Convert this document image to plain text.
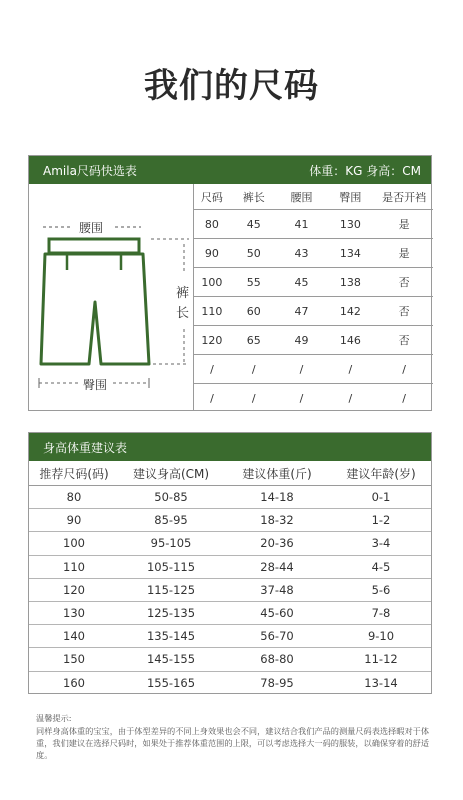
我们的尺码
Amila尺码快选表	体重：KG 身高：CM
腰围
裤
长
臀围
尺码	裤长	腰围	臀围	是否开裆
80	45	41	130	是
90	50	43	134	是
100	55	45	138	否
110	60	47	142	否
120	65	49	146	否
/	/	/	/	/
/	/	/	/	/
身高体重建议表
推荐尺码(码)	建议身高(CM)	建议体重(斤)	建议年龄(岁)
80	50-85	14-18	0-1
90	85-95	18-32	1-2
100	95-105	20-36	3-4
110	105-115	28-44	4-5
120	115-125	37-48	5-6
130	125-135	45-60	7-8
140	135-145	56-70	9-10
150	145-155	68-80	11-12
160	155-165	78-95	13-14
温馨提示:
同样身高体重的宝宝，由于体型差异的不同上身效果也会不同，建议结合我们产品的测量尺码表选择暇对于体重，我们建议在选择尺码时，如果处于推荐体重范围的上限，可以考虑选择大一码的服装，以确保穿着的舒适度。
